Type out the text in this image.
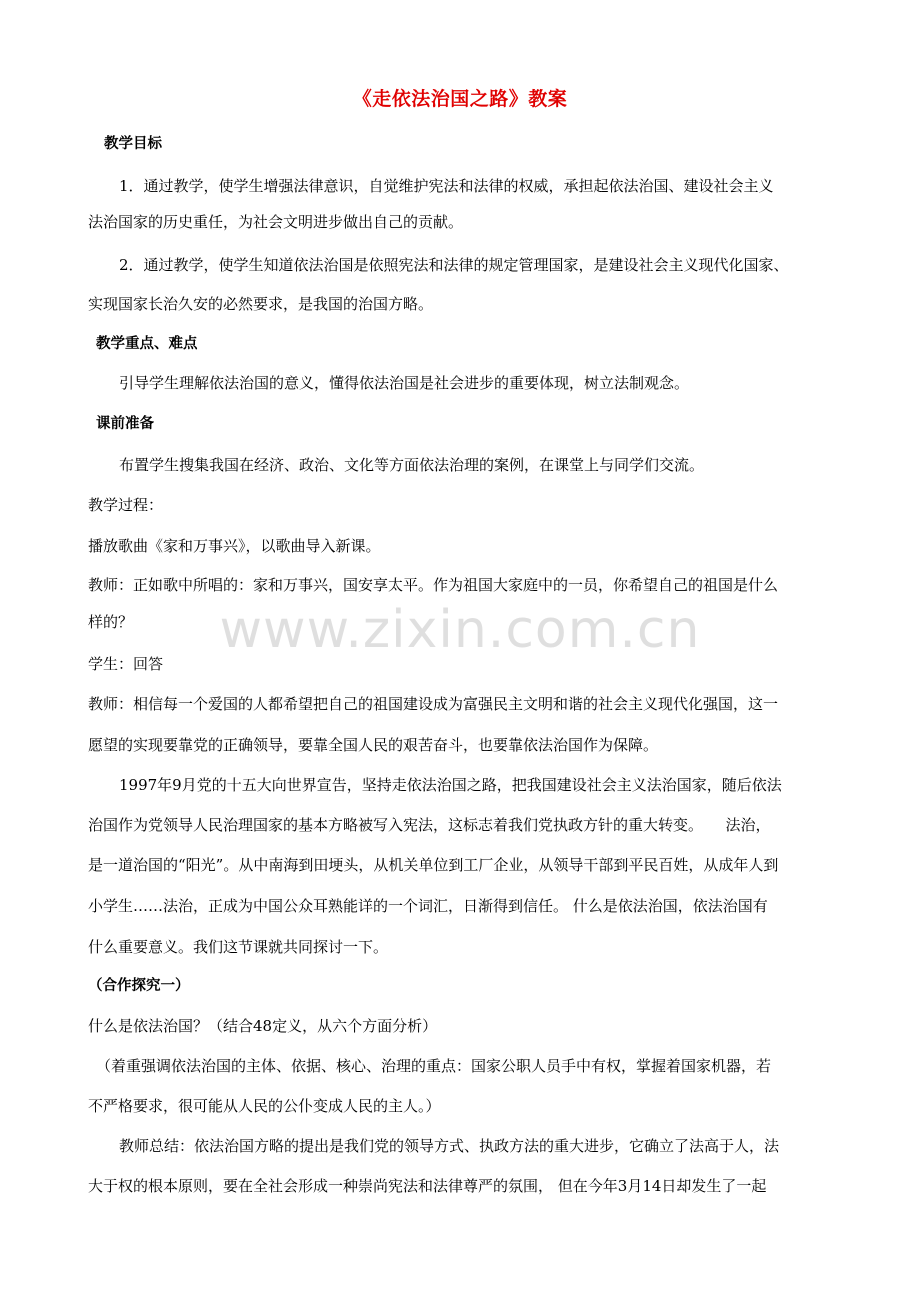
www.zixin.com.cn
《走依法治国之路》教案
教学目标
1．通过教学，使学生增强法律意识，自觉维护宪法和法律的权威，承担起依法治国、建设社会主义
法治国家的历史重任，为社会文明进步做出自己的贡献。
2．通过教学，使学生知道依法治国是依照宪法和法律的规定管理国家，是建设社会主义现代化国家、
实现国家长治久安的必然要求，是我国的治国方略。
教学重点、难点
引导学生理解依法治国的意义，懂得依法治国是社会进步的重要体现，树立法制观念。
课前准备
布置学生搜集我国在经济、政治、文化等方面依法治理的案例，在课堂上与同学们交流。
教学过程：
播放歌曲《家和万事兴》，以歌曲导入新课。
教师：正如歌中所唱的：家和万事兴，国安享太平。作为祖国大家庭中的一员，你希望自己的祖国是什么
样的？
学生：回答
教师：相信每一个爱国的人都希望把自己的祖国建设成为富强民主文明和谐的社会主义现代化强国，这一
愿望的实现要靠党的正确领导，要靠全国人民的艰苦奋斗，也要靠依法治国作为保障。
1997年9月党的十五大向世界宣告，坚持走依法治国之路，把我国建设社会主义法治国家，随后依法
治国作为党领导人民治理国家的基本方略被写入宪法，这标志着我们党执政方针的重大转变。　　法治，
是一道治国的“阳光”。从中南海到田埂头，从机关单位到工厂企业，从领导干部到平民百姓，从成年人到
小学生……法治，正成为中国公众耳熟能详的一个词汇，日渐得到信任。 什么是依法治国，依法治国有
什么重要意义。我们这节课就共同探讨一下。
（合作探究一）
什么是依法治国？（结合48定义，从六个方面分析）
（着重强调依法治国的主体、依据、核心、治理的重点：国家公职人员手中有权，掌握着国家机器，若
不严格要求，很可能从人民的公仆变成人民的主人。）
教师总结：依法治国方略的提出是我们党的领导方式、执政方法的重大进步，它确立了法高于人，法
大于权的根本原则，要在全社会形成一种崇尚宪法和法律尊严的氛围， 但在今年3月14日却发生了一起
